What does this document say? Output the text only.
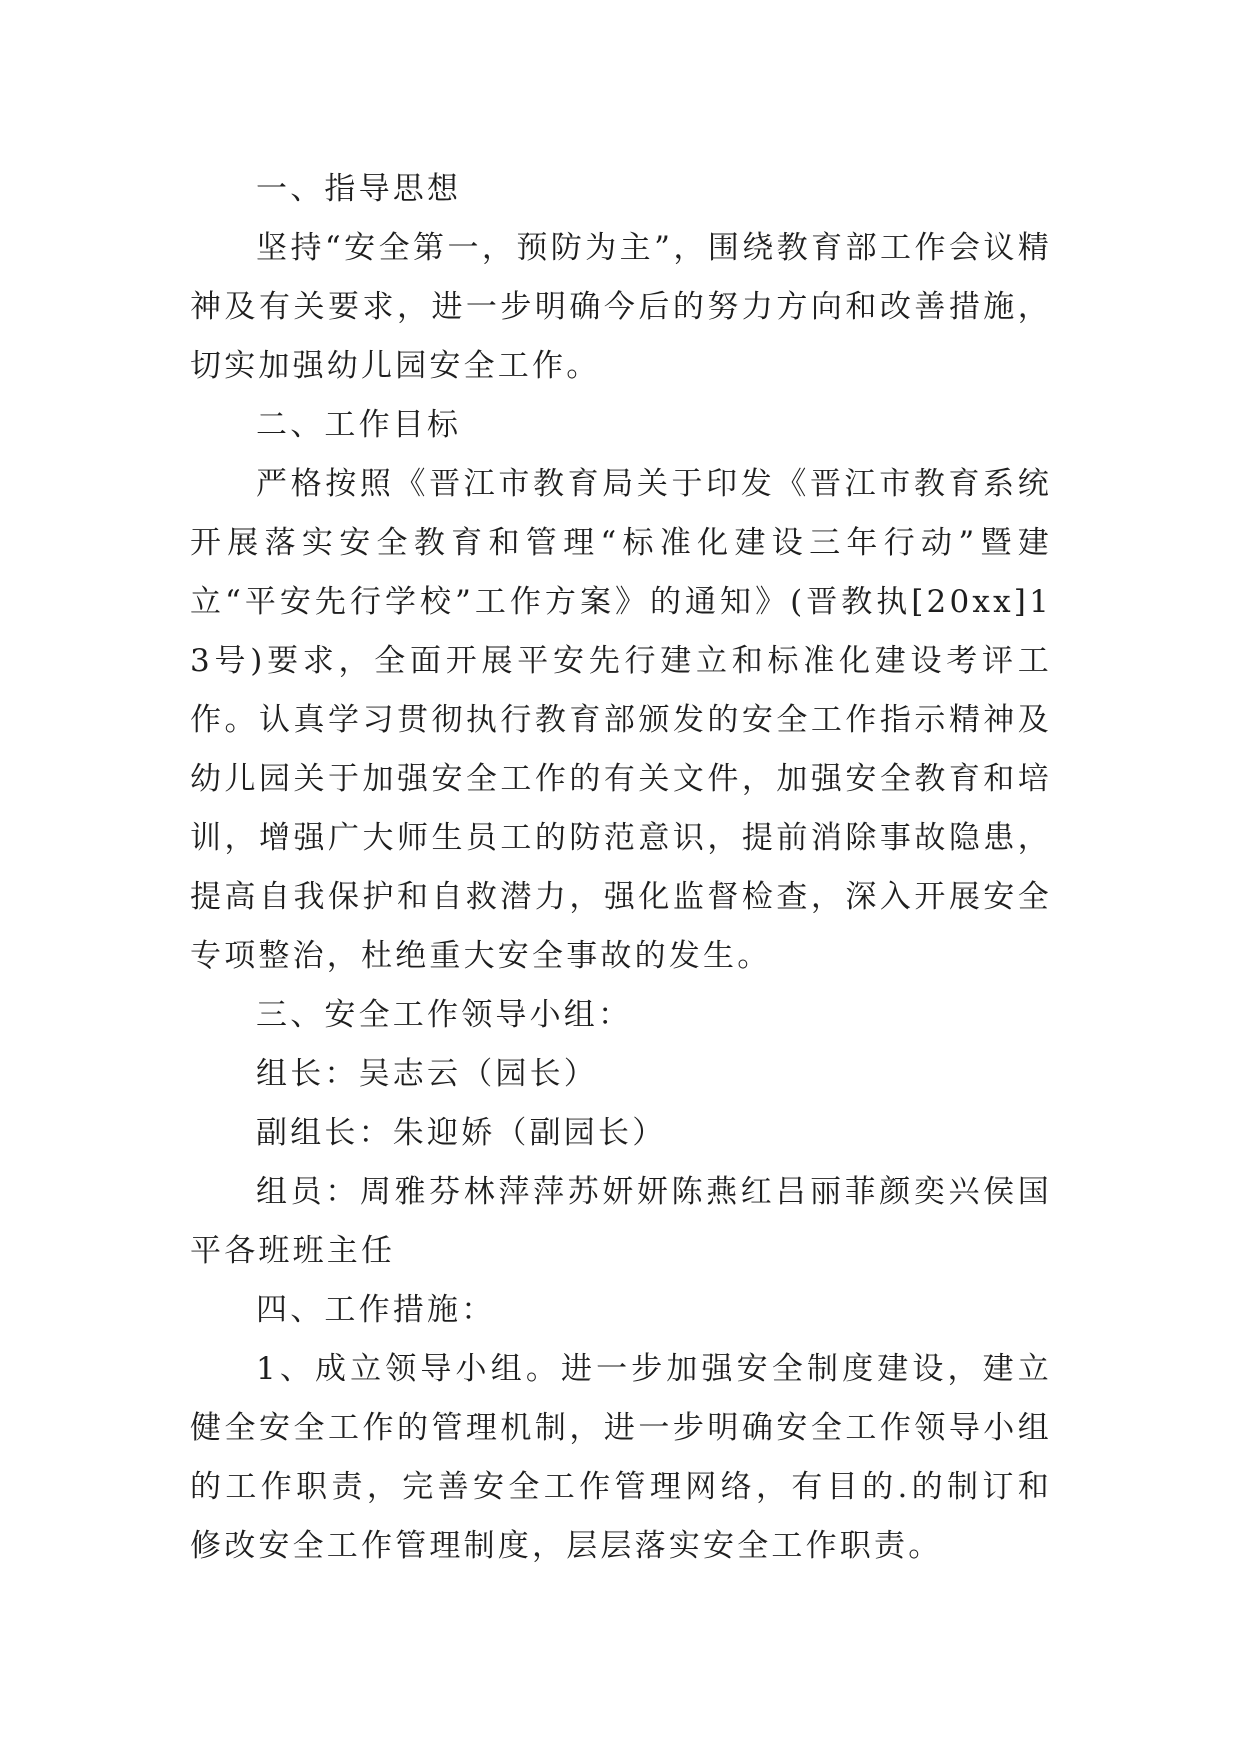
一、指导思想

坚持“安全第一，预防为主”，围绕教育部工作会议精神及有关要求，进一步明确今后的努力方向和改善措施，切实加强幼儿园安全工作。

二、工作目标

严格按照《晋江市教育局关于印发《晋江市教育系统开展落实安全教育和管理“标准化建设三年行动”暨建立“平安先行学校”工作方案》的通知》(晋教执[20xx]13号)要求，全面开展平安先行建立和标准化建设考评工作。认真学习贯彻执行教育部颁发的安全工作指示精神及幼儿园关于加强安全工作的有关文件，加强安全教育和培训，增强广大师生员工的防范意识，提前消除事故隐患，提高自我保护和自救潜力，强化监督检查，深入开展安全专项整治，杜绝重大安全事故的发生。

三、安全工作领导小组：

组长：吴志云（园长）

副组长：朱迎娇（副园长）

组员：周雅芬林萍萍苏妍妍陈燕红吕丽菲颜奕兴侯国平各班班主任

四、工作措施：

1、成立领导小组。进一步加强安全制度建设，建立健全安全工作的管理机制，进一步明确安全工作领导小组的工作职责，完善安全工作管理网络，有目的.的制订和修改安全工作管理制度，层层落实安全工作职责。
